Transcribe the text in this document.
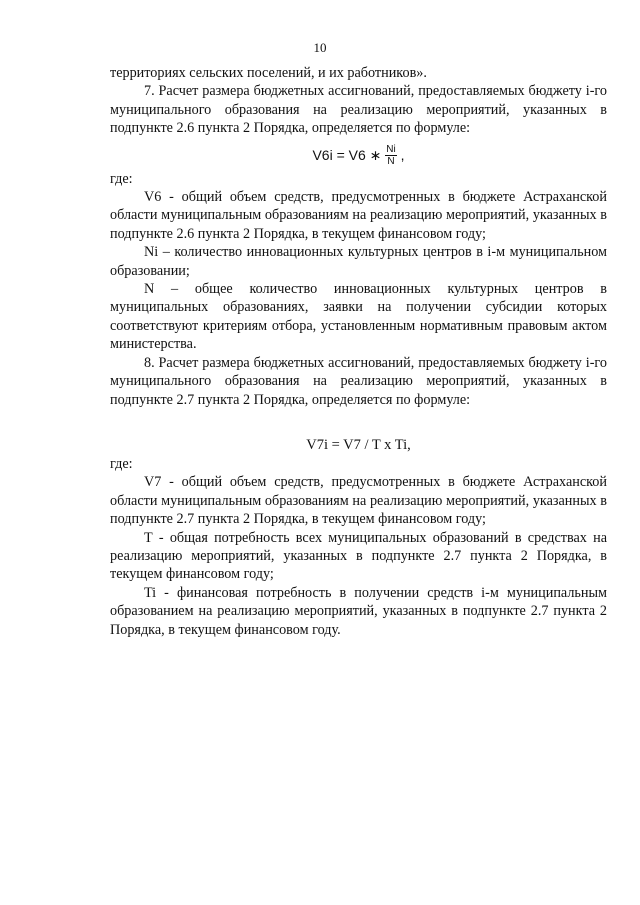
10

территориях сельских поселений, и их работников».

7. Расчет размера бюджетных ассигнований, предоставляемых бюджету i-го муниципального образования на реализацию мероприятий, указанных в подпункте 2.6 пункта 2 Порядка, определяется по формуле:

V6i = V6 ∗ $\frac{Ni}{N}$ ,

где:

V6 - общий объем средств, предусмотренных в бюджете Астраханской области муниципальным образованиям на реализацию мероприятий, указанных в подпункте 2.6 пункта 2 Порядка, в текущем финансовом году;

Ni – количество инновационных культурных центров в i-м муниципальном образовании;

N – общее количество инновационных культурных центров в муниципальных образованиях, заявки на получении субсидии которых соответствуют критериям отбора, установленным нормативным правовым актом министерства.

8. Расчет размера бюджетных ассигнований, предоставляемых бюджету i-го муниципального образования на реализацию мероприятий, указанных в подпункте 2.7 пункта 2 Порядка, определяется по формуле:

V7i = V7 / T x Ti,

где:

V7 - общий объем средств, предусмотренных в бюджете Астраханской области муниципальным образованиям на реализацию мероприятий, указанных в подпункте 2.7 пункта 2 Порядка, в текущем финансовом году;

Т - общая потребность всех муниципальных образований в средствах на реализацию мероприятий, указанных в подпункте 2.7 пункта 2 Порядка, в текущем финансовом году;

Ti - финансовая потребность в получении средств i-м муниципальным образованием на реализацию мероприятий, указанных в подпункте 2.7 пункта 2 Порядка, в текущем финансовом году.
